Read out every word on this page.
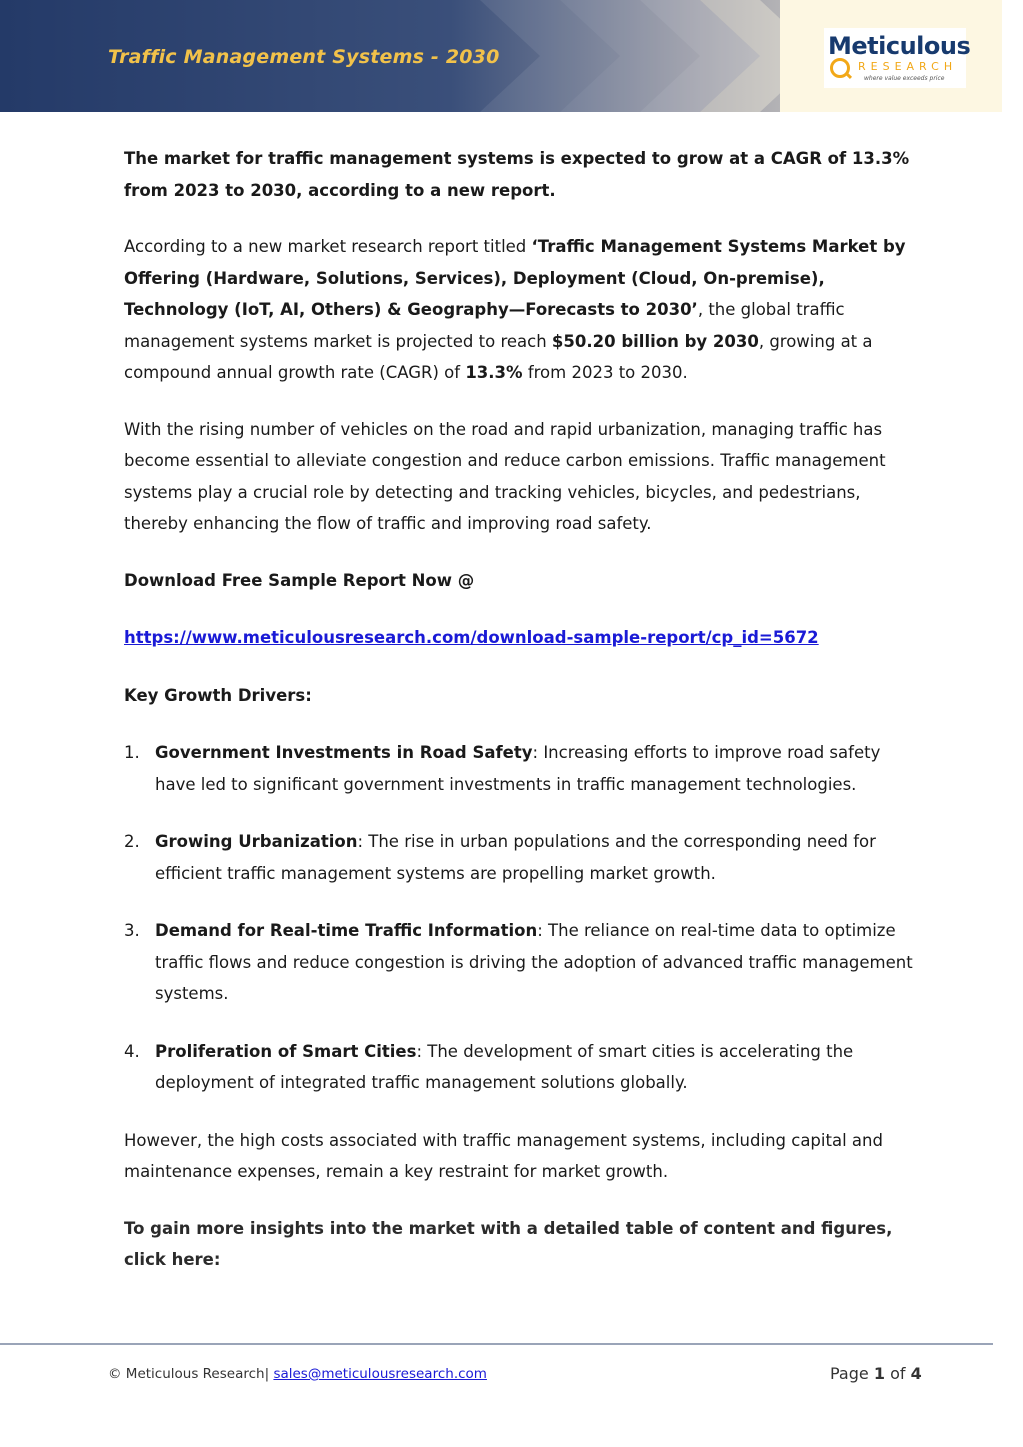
Traffic Management Systems - 2030	Meticulous
RESEARCH
where value exceeds price

The market for traffic management systems is expected to grow at a CAGR of 13.3% from 2023 to 2030, according to a new report.

According to a new market research report titled ‘Traffic Management Systems Market by Offering (Hardware, Solutions, Services), Deployment (Cloud, On-premise), Technology (IoT, AI, Others) & Geography—Forecasts to 2030’, the global traffic management systems market is projected to reach $50.20 billion by 2030, growing at a compound annual growth rate (CAGR) of 13.3% from 2023 to 2030.

With the rising number of vehicles on the road and rapid urbanization, managing traffic has become essential to alleviate congestion and reduce carbon emissions. Traffic management systems play a crucial role by detecting and tracking vehicles, bicycles, and pedestrians, thereby enhancing the flow of traffic and improving road safety.

Download Free Sample Report Now @

https://www.meticulousresearch.com/download-sample-report/cp_id=5672

Key Growth Drivers:

1. Government Investments in Road Safety: Increasing efforts to improve road safety have led to significant government investments in traffic management technologies.
2. Growing Urbanization: The rise in urban populations and the corresponding need for efficient traffic management systems are propelling market growth.
3. Demand for Real-time Traffic Information: The reliance on real-time data to optimize traffic flows and reduce congestion is driving the adoption of advanced traffic management systems.
4. Proliferation of Smart Cities: The development of smart cities is accelerating the deployment of integrated traffic management solutions globally.

However, the high costs associated with traffic management systems, including capital and maintenance expenses, remain a key restraint for market growth.

To gain more insights into the market with a detailed table of content and figures, click here:

© Meticulous Research| sales@meticulousresearch.com	Page 1 of 4
